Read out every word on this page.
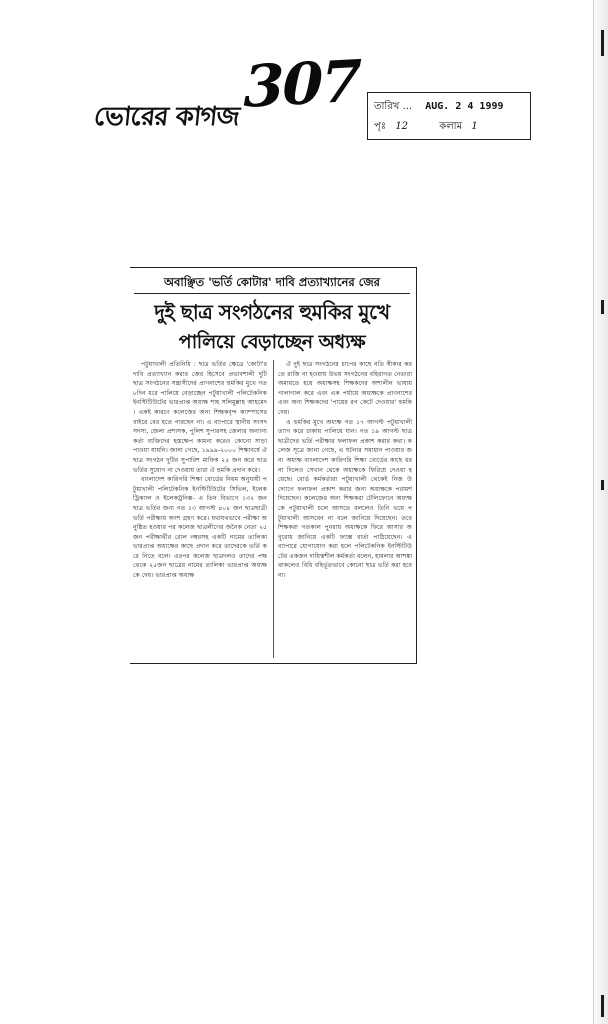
ভোরের কাগজ
307 তারিখ ... AUG. 2 4 1999
পৃঃ 12	কলাম 1
অবাঞ্ছিত 'ভর্তি কোটার' দাবি প্রত্যাখ্যানের জের
দুই ছাত্র সংগঠনের হুমকির মুখে
পালিয়ে বেড়াচ্ছেন অধ্যক্ষ

পটুয়াখালী প্রতিনিধি : ছাত্র ভর্তির ক্ষেত্রে 'কোটা'র দাবি প্রত্যাখ্যান করার জের হিসেবে প্রভাবশালী দুটি ছাত্র সংগঠনের সন্ত্রাসীদের প্রাণনাশের হুমকির মুখে গত ৮দিন ধরে পালিয়ে বেড়াচ্ছেন পটুয়াখালী পলিটেকনিক ইনস্টিটিউটের ভারপ্রাপ্ত অধ্যক্ষ শাহ সলিমুল্লাহ আহমেদ। একই কারণে কলেজের অন্য শিক্ষকবৃন্দ ক্যাম্পাসের বাইরে বের হতে পারছেন না। এ ব্যাপারে স্থানীয় সংসদ সদস্য, জেলা প্রশাসক, পুলিশ সুপারসহ জেলার অন্যান্য কর্তা ব্যক্তিদের হস্তক্ষেপ কামনা করেও কোনো সাড়া পাওয়া যায়নি। জানা গেছে, ১৯৯৯-২০০০ শিক্ষাবর্ষে ঐ ছাত্র সংগঠন দুটির সুপারিশ মাফিক ২৫ জন করে ছাত্র ভর্তির সুযোগ না দেওয়ায় তারা ঐ হুমকি প্রদান করে।

বাংলাদেশ কারিগরি শিক্ষা বোর্ডের নিয়ম অনুযায়ী পটুয়াখালী পলিটেকনিক ইনস্টিটিউটের সিভিল, ইলেকট্রিক্যাল ও ইলেকট্রনিক্স- এ তিন বিভাগে ১৩২ জন ছাত্র ভর্তির জন্য গত ১৩ আগস্ট ৪০৮ জন ছাত্রছাত্রী ভর্তি পরীক্ষায় অংশ গ্রহণ করে। যথাযথভাবে পরীক্ষা অনুষ্ঠিত হওয়ার পর কলেজ ছাত্রলীগের জনৈক নেতা ২৫জন পরীক্ষার্থীর রোল নম্বরসহ একটি নামের তালিকা ভারপ্রাপ্ত অধ্যক্ষের কাছে প্রদান করে তাদেরকে ভর্তি করে নিতে বলে। এরপর কলেজ ছাত্রদলও তাদের পক্ষ থেকে ২৫জন ছাত্রের নামের তালিকা ভারপ্রাপ্ত অধ্যক্ষকে দেয়। ভারপ্রাপ্ত অধ্যক্ষ

ঐ দুই ছাত্র সংগঠনের চাপের কাছে নতি স্বীকার করতে রাজি না হওয়ায় উভয় সংগঠনের বহিরাগত নেতারা অমায়তে হয়ে অধ্যক্ষসহ শিক্ষকদের অশালীন ভাষায় গালাগাল করে এবং এক পর্যায়ে অধ্যক্ষকে প্রাণনাশের এবং অন্য শিক্ষকদের 'পায়ের রগ কেটে দেওয়ার' হুমকি দেয়।

এ হুমকির মুখে অধ্যক্ষ গত ১৭ আগস্ট পটুয়াখালী ত্যাগ করে ঢাকায় পালিয়ে যান। গত ১৯ আগস্ট ছাত্রছাত্রীদের ভর্তি পরীক্ষার ফলাফল প্রকাশ করার কথা। কলেজ সূত্রে জানা গেছে, এ ঘটনার সমাধান পাওয়ার জন্য অধ্যক্ষ বাংলাদেশ কারিগরি শিক্ষা বোর্ডের কাছে ধরনা দিলেও সেখান থেকে অধ্যক্ষকে ফিরিয়ে দেওয়া হয়েছে। বোর্ড কর্মকর্তারা পটুয়াখালী থেকেই নিজ উদ্যোগে ফলাফল প্রকাশ করার জন্য অধ্যক্ষকে পরামর্শ দিয়েছেন। কলেজের অন্য শিক্ষকরা টেলিফোনে অধ্যক্ষকে পটুয়াখালী চলে আসতে বললেও তিনি ভয়ে পটুয়াখালী আসবেন না বলে জানিয়ে দিয়েছেন। তবে শিক্ষকরা গতকাল পুনরায় অধ্যক্ষকে ফিরে আসার অনুরোধ জানিয়ে একটি ফ্যাক্স বার্তা পাঠিয়েছেন। এ ব্যাপারে যোগাযোগ করা হলে পলিটেকনিক ইনস্টিটিউটের একজন দায়িত্বশীল কর্মকর্তা বলেন, হামলার আশঙ্কা থাকলেও বিধি বহির্ভূতভাবে কোনো ছাত্র ভর্তি করা হবে না।
